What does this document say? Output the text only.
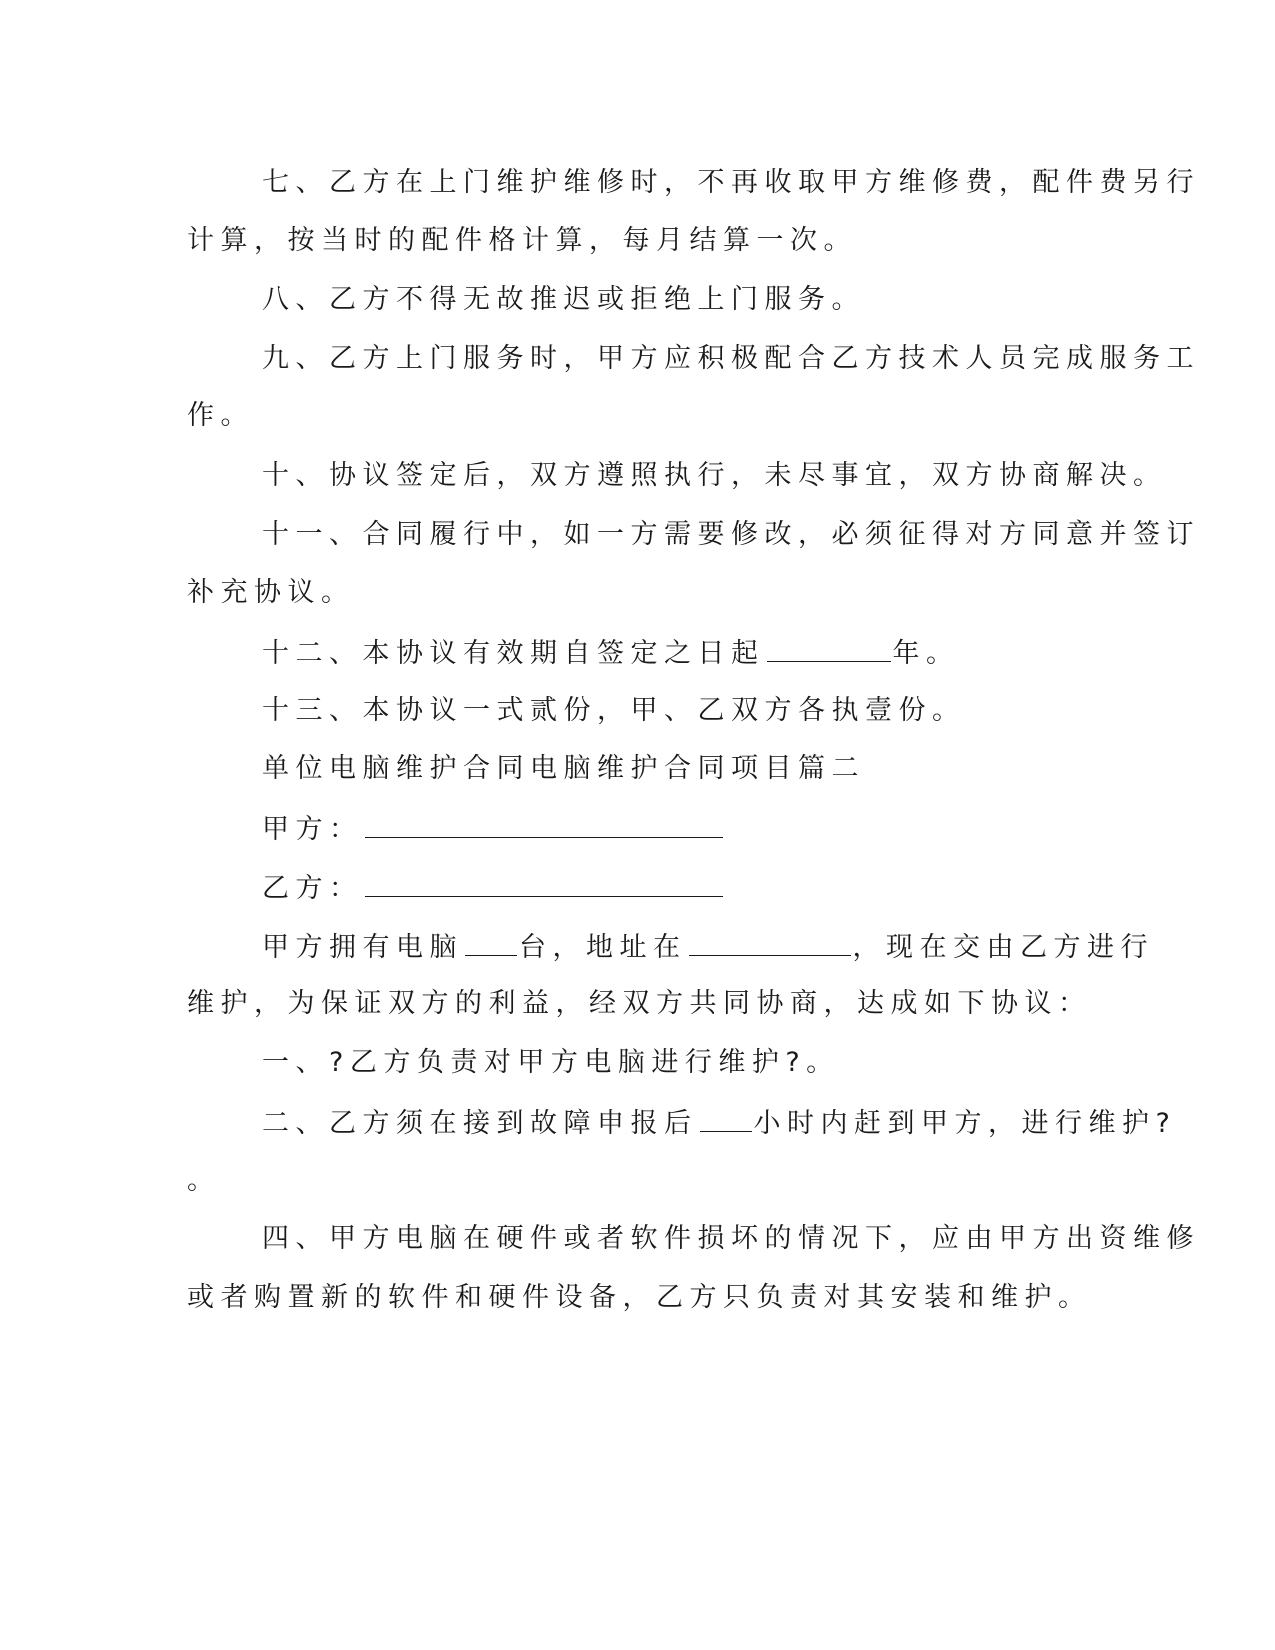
七、乙方在上门维护维修时，不再收取甲方维修费，配件费另行
计算，按当时的配件格计算，每月结算一次。
八、乙方不得无故推迟或拒绝上门服务。
九、乙方上门服务时，甲方应积极配合乙方技术人员完成服务工
作。
十、协议签定后，双方遵照执行，未尽事宜，双方协商解决。
十一、合同履行中，如一方需要修改，必须征得对方同意并签订
补充协议。
十二、本协议有效期自签定之日起	年。
十三、本协议一式贰份，甲、乙双方各执壹份。
单位电脑维护合同电脑维护合同项目篇二
甲方：
乙方：
甲方拥有电脑 台，地址在	，现在交由乙方进行
维护，为保证双方的利益，经双方共同协商，达成如下协议：
一、?乙方负责对甲方电脑进行维护?。
二、乙方须在接到故障申报后 小时内赶到甲方，进行维护?
。
四、甲方电脑在硬件或者软件损坏的情况下，应由甲方出资维修
或者购置新的软件和硬件设备，乙方只负责对其安装和维护。
